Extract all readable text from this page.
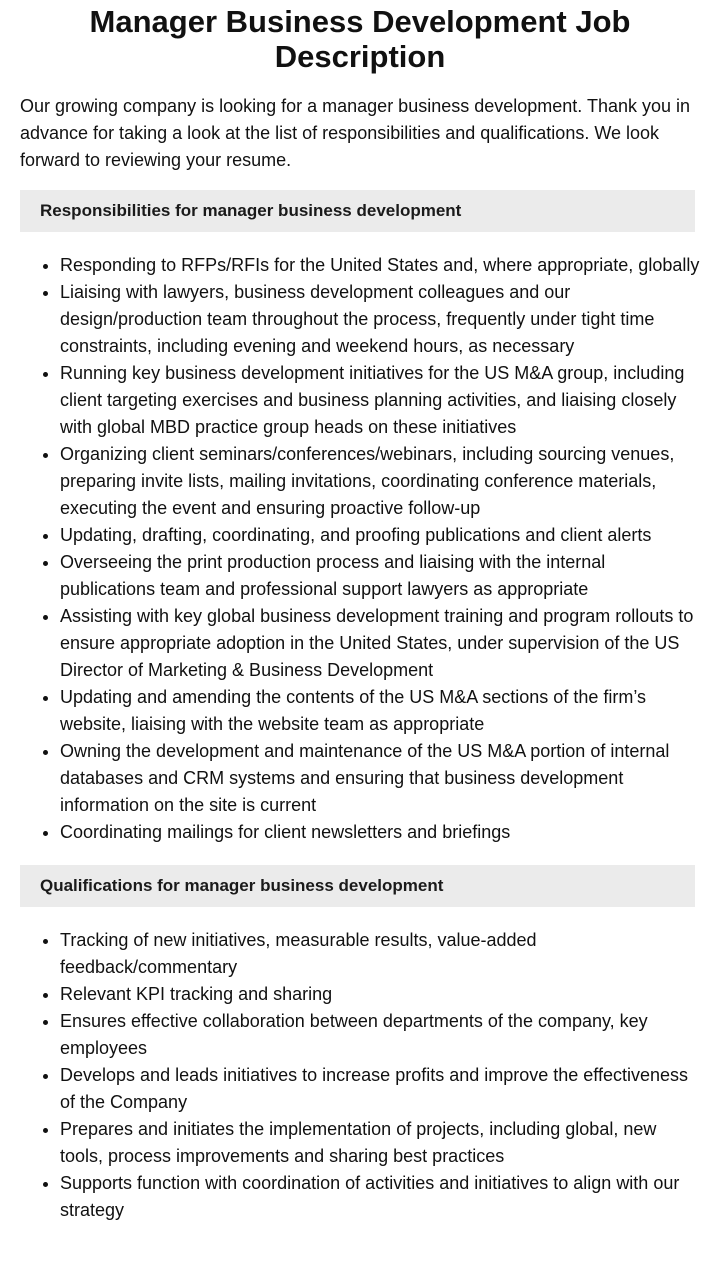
Manager Business Development Job Description

Our growing company is looking for a manager business development. Thank you in advance for taking a look at the list of responsibilities and qualifications. We look forward to reviewing your resume.

Responsibilities for manager business development
• Responding to RFPs/RFIs for the United States and, where appropriate, globally
• Liaising with lawyers, business development colleagues and our design/production team throughout the process, frequently under tight time constraints, including evening and weekend hours, as necessary
• Running key business development initiatives for the US M&A group, including client targeting exercises and business planning activities, and liaising closely with global MBD practice group heads on these initiatives
• Organizing client seminars/conferences/webinars, including sourcing venues, preparing invite lists, mailing invitations, coordinating conference materials, executing the event and ensuring proactive follow-up
• Updating, drafting, coordinating, and proofing publications and client alerts
• Overseeing the print production process and liaising with the internal publications team and professional support lawyers as appropriate
• Assisting with key global business development training and program rollouts to ensure appropriate adoption in the United States, under supervision of the US Director of Marketing & Business Development
• Updating and amending the contents of the US M&A sections of the firm’s website, liaising with the website team as appropriate
• Owning the development and maintenance of the US M&A portion of internal databases and CRM systems and ensuring that business development information on the site is current
• Coordinating mailings for client newsletters and briefings
Qualifications for manager business development
• Tracking of new initiatives, measurable results, value-added feedback/commentary
• Relevant KPI tracking and sharing
• Ensures effective collaboration between departments of the company, key employees
• Develops and leads initiatives to increase profits and improve the effectiveness of the Company
• Prepares and initiates the implementation of projects, including global, new tools, process improvements and sharing best practices
• Supports function with coordination of activities and initiatives to align with our strategy
